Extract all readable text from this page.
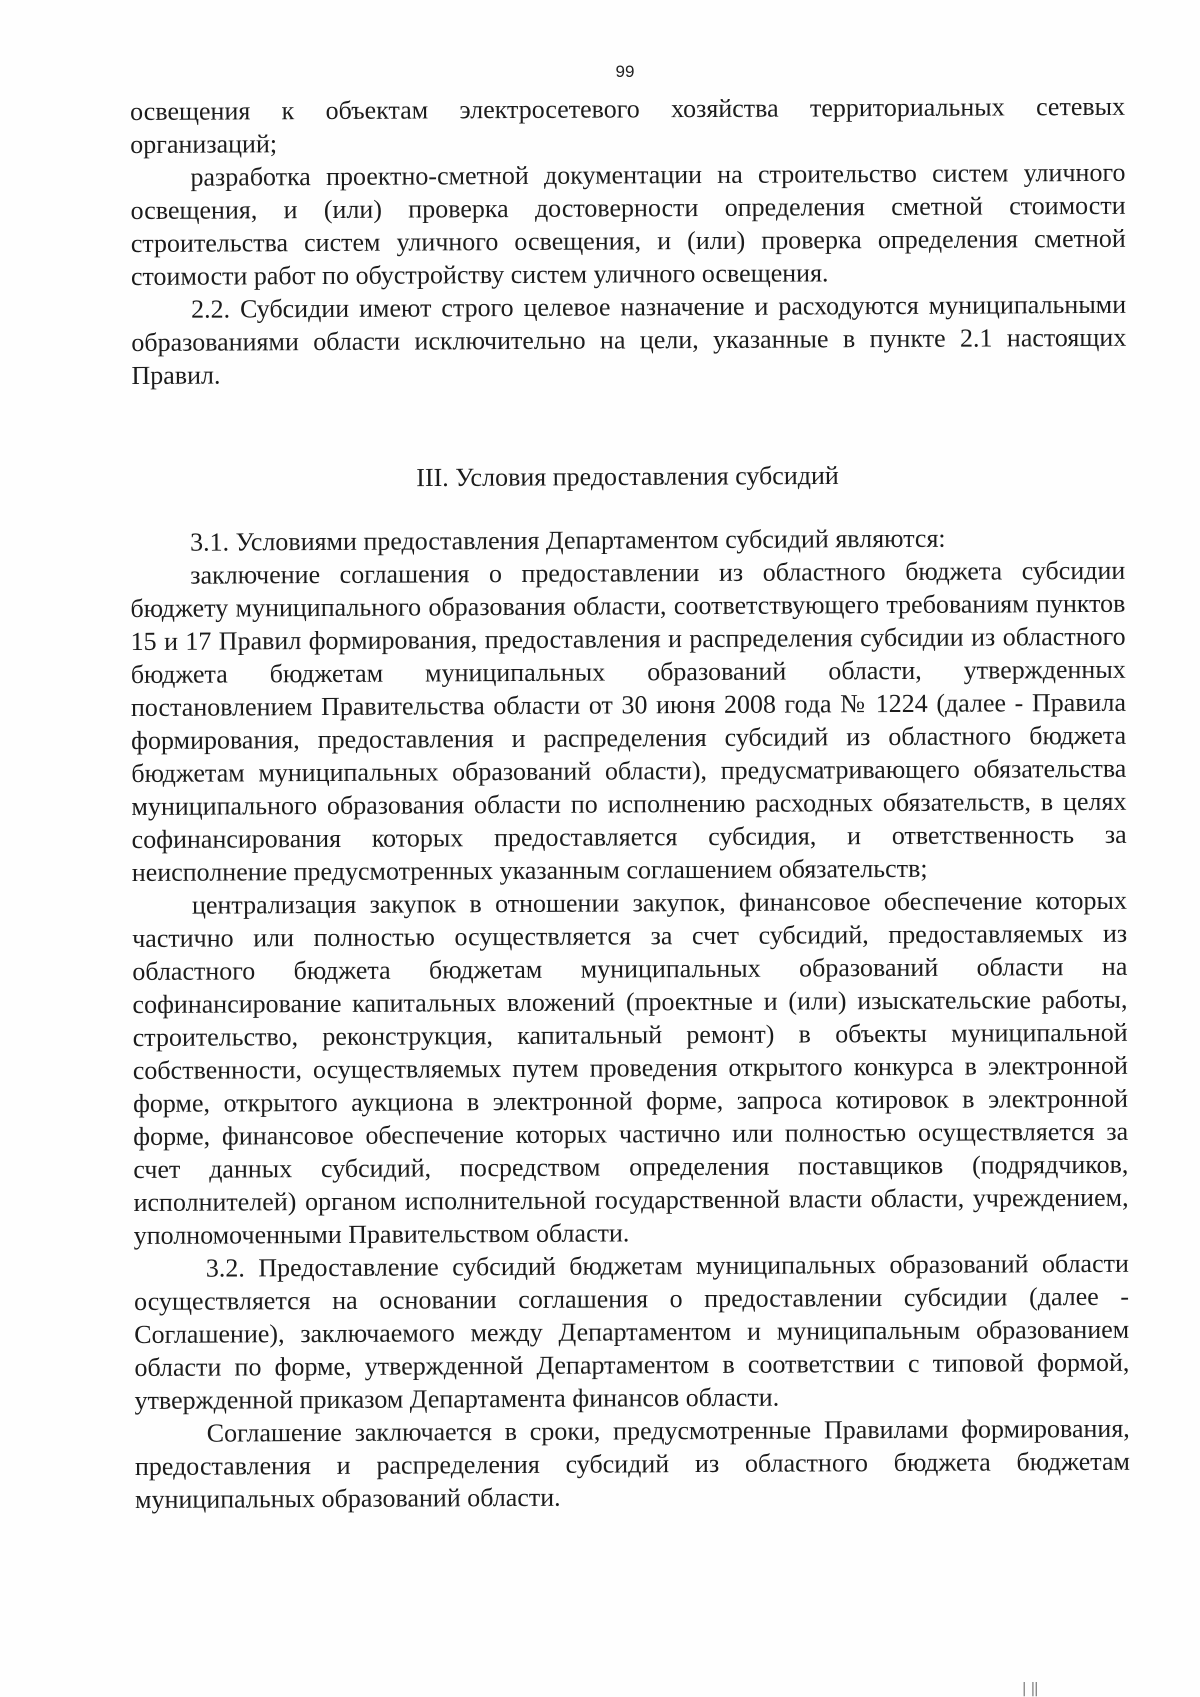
99

освещения к объектам электросетевого хозяйства территориальных сетевых организаций;

разработка проектно-сметной документации на строительство систем уличного освещения, и (или) проверка достоверности определения сметной стоимости строительства систем уличного освещения, и (или) проверка определения сметной стоимости работ по обустройству систем уличного освещения.

2.2. Субсидии имеют строго целевое назначение и расходуются муниципальными образованиями области исключительно на цели, указанные в пункте 2.1 настоящих Правил.

III. Условия предоставления субсидий

3.1. Условиями предоставления Департаментом субсидий являются:

заключение соглашения о предоставлении из областного бюджета субсидии бюджету муниципального образования области, соответствующего требованиям пунктов 15 и 17 Правил формирования, предоставления и распределения субсидии из областного бюджета бюджетам муниципальных образований области, утвержденных постановлением Правительства области от 30 июня 2008 года № 1224 (далее - Правила формирования, предоставления и распределения субсидий из областного бюджета бюджетам муниципальных образований области), предусматривающего обязательства муниципального образования области по исполнению расходных обязательств, в целях софинансирования которых предоставляется субсидия, и ответственность за неисполнение предусмотренных указанным соглашением обязательств;

централизация закупок в отношении закупок, финансовое обеспечение которых частично или полностью осуществляется за счет субсидий, предоставляемых из областного бюджета бюджетам муниципальных образований области на софинансирование капитальных вложений (проектные и (или) изыскательские работы, строительство, реконструкция, капитальный ремонт) в объекты муниципальной собственности, осуществляемых путем проведения открытого конкурса в электронной форме, открытого аукциона в электронной форме, запроса котировок в электронной форме, финансовое обеспечение которых частично или полностью осуществляется за счет данных субсидий, посредством определения поставщиков (подрядчиков, исполнителей) органом исполнительной государственной власти области, учреждением, уполномоченными Правительством области.

3.2. Предоставление субсидий бюджетам муниципальных образований области осуществляется на основании соглашения о предоставлении субсидии (далее - Соглашение), заключаемого между Департаментом и муниципальным образованием области по форме, утвержденной Департаментом в соответствии с типовой формой, утвержденной приказом Департамента финансов области.

Соглашение заключается в сроки, предусмотренные Правилами формирования, предоставления и распределения субсидий из областного бюджета бюджетам муниципальных образований области.

|‖
